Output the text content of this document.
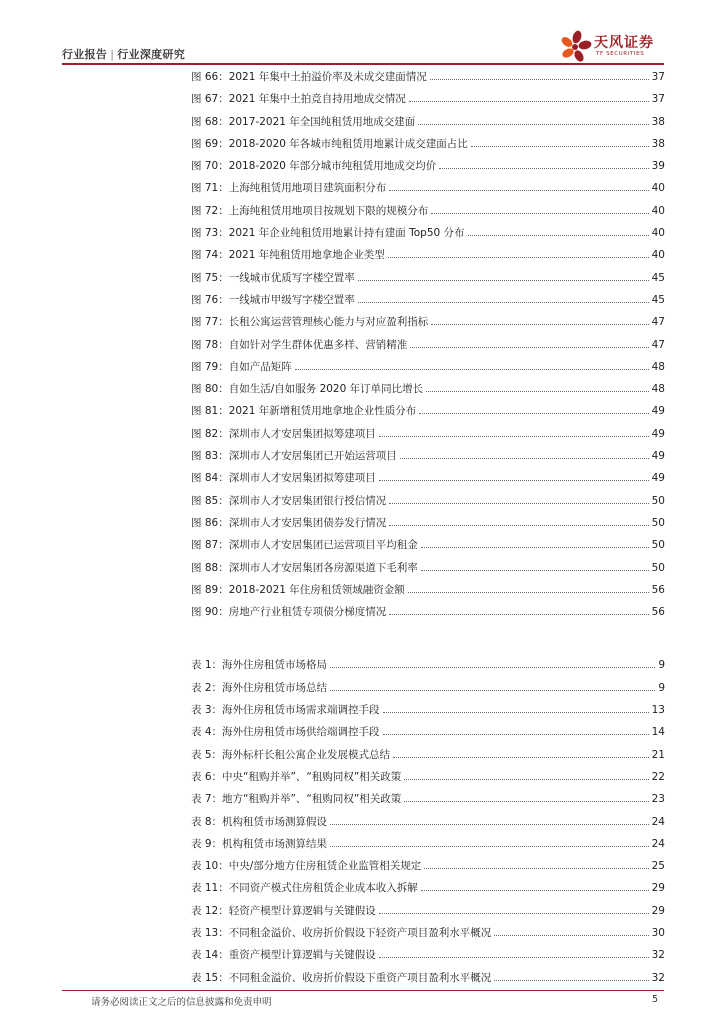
行业报告 | 行业深度研究
天风证券
TF SECURITIES
图 66：2021 年集中土拍溢价率及未成交建面情况	37
图 67：2021 年集中土拍竞自持用地成交情况	37
图 68：2017-2021 年全国纯租赁用地成交建面	38
图 69：2018-2020 年各城市纯租赁用地累计成交建面占比	38
图 70：2018-2020 年部分城市纯租赁用地成交均价	39
图 71：上海纯租赁用地项目建筑面积分布	40
图 72：上海纯租赁用地项目按规划下限的规模分布	40
图 73：2021 年企业纯租赁用地累计持有建面 Top50 分布	40
图 74：2021 年纯租赁用地拿地企业类型	40
图 75：一线城市优质写字楼空置率	45
图 76：一线城市甲级写字楼空置率	45
图 77：长租公寓运营管理核心能力与对应盈利指标	47
图 78：自如针对学生群体优惠多样、营销精准	47
图 79：自如产品矩阵	48
图 80：自如生活/自如服务 2020 年订单同比增长	48
图 81：2021 年新增租赁用地拿地企业性质分布	49
图 82：深圳市人才安居集团拟筹建项目	49
图 83：深圳市人才安居集团已开始运营项目	49
图 84：深圳市人才安居集团拟筹建项目	49
图 85：深圳市人才安居集团银行授信情况	50
图 86：深圳市人才安居集团债券发行情况	50
图 87：深圳市人才安居集团已运营项目平均租金	50
图 88：深圳市人才安居集团各房源渠道下毛利率	50
图 89：2018-2021 年住房租赁领域融资金额	56
图 90：房地产行业租赁专项债分梯度情况	56
表 1：海外住房租赁市场格局	9
表 2：海外住房租赁市场总结	9
表 3：海外住房租赁市场需求端调控手段	13
表 4：海外住房租赁市场供给端调控手段	14
表 5：海外标杆长租公寓企业发展模式总结	21
表 6：中央“租购并举”、“租购同权”相关政策	22
表 7：地方“租购并举”、“租购同权”相关政策	23
表 8：机构租赁市场测算假设	24
表 9：机构租赁市场测算结果	24
表 10：中央/部分地方住房租赁企业监管相关规定	25
表 11：不同资产模式住房租赁企业成本收入拆解	29
表 12：轻资产模型计算逻辑与关键假设	29
表 13：不同租金溢价、收房折价假设下轻资产项目盈利水平概况	30
表 14：重资产模型计算逻辑与关键假设	32
表 15：不同租金溢价、收房折价假设下重资产项目盈利水平概况	32
请务必阅读正文之后的信息披露和免责申明	5
